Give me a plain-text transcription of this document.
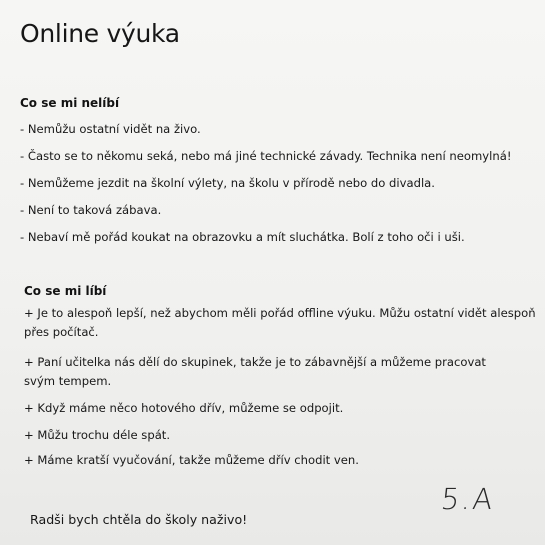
Online výuka
Co se mi nelíbí
- Nemůžu ostatní vidět na živo.
- Často se to někomu seká, nebo má jiné technické závady. Technika není neomylná!
- Nemůžeme jezdit na školní výlety, na školu v přírodě nebo do divadla.
- Není to taková zábava.
- Nebaví mě pořád koukat na obrazovku a mít sluchátka. Bolí z toho oči i uši.
Co se mi líbí
+ Je to alespoň lepší, než abychom měli pořád offline výuku. Můžu ostatní vidět alespoň přes počítač.
+ Paní učitelka nás dělí do skupinek, takže je to zábavnější a můžeme pracovat svým tempem.
+ Když máme něco hotového dřív, můžeme se odpojit.
+ Můžu trochu déle spát.
+ Máme kratší vyučování, takže můžeme dřív chodit ven.
Radši bych chtěla do školy naživo!
5.A
